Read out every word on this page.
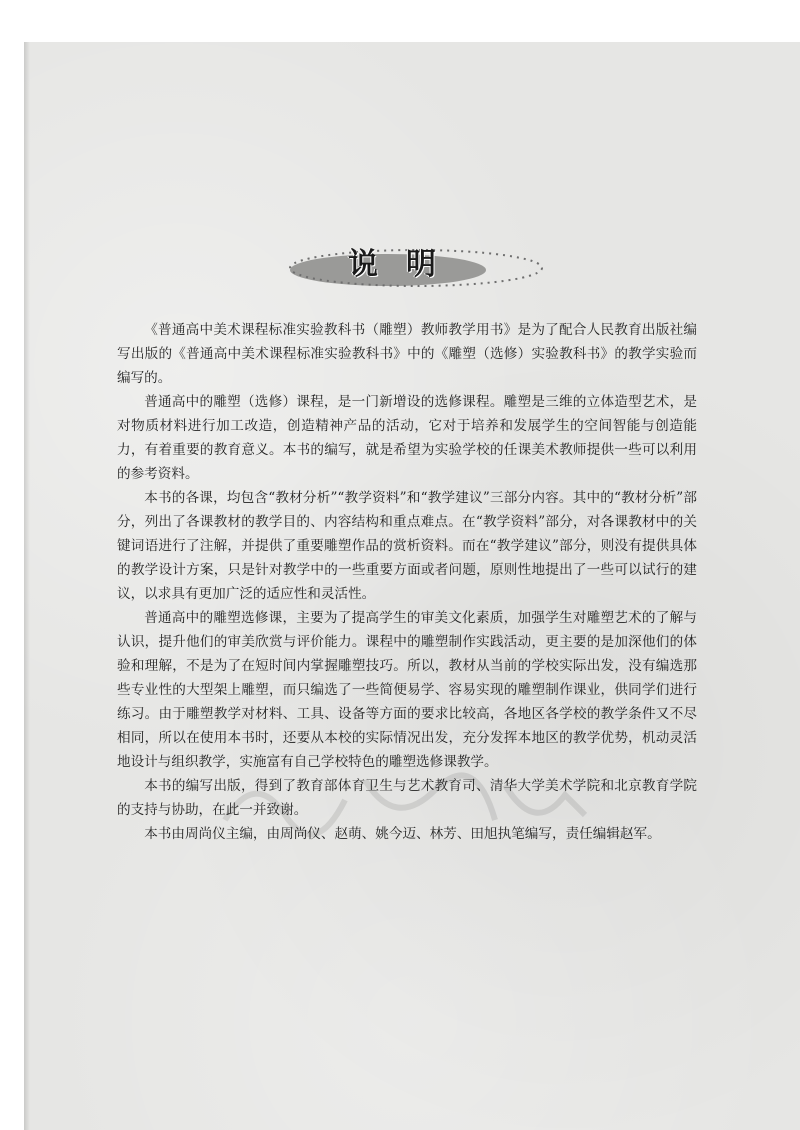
说明

《普通高中美术课程标准实验教科书（雕塑）教师教学用书》是为了配合人民教育出版社编写出版的《普通高中美术课程标准实验教科书》中的《雕塑（选修）实验教科书》的教学实验而编写的。

普通高中的雕塑（选修）课程，是一门新增设的选修课程。雕塑是三维的立体造型艺术，是对物质材料进行加工改造，创造精神产品的活动，它对于培养和发展学生的空间智能与创造能力，有着重要的教育意义。本书的编写，就是希望为实验学校的任课美术教师提供一些可以利用的参考资料。

本书的各课，均包含“教材分析”“教学资料”和“教学建议”三部分内容。其中的“教材分析”部分，列出了各课教材的教学目的、内容结构和重点难点。在“教学资料”部分，对各课教材中的关键词语进行了注解，并提供了重要雕塑作品的赏析资料。而在“教学建议”部分，则没有提供具体的教学设计方案，只是针对教学中的一些重要方面或者问题，原则性地提出了一些可以试行的建议，以求具有更加广泛的适应性和灵活性。

普通高中的雕塑选修课，主要为了提高学生的审美文化素质，加强学生对雕塑艺术的了解与认识，提升他们的审美欣赏与评价能力。课程中的雕塑制作实践活动，更主要的是加深他们的体验和理解，不是为了在短时间内掌握雕塑技巧。所以，教材从当前的学校实际出发，没有编选那些专业性的大型架上雕塑，而只编选了一些简便易学、容易实现的雕塑制作课业，供同学们进行练习。由于雕塑教学对材料、工具、设备等方面的要求比较高，各地区各学校的教学条件又不尽相同，所以在使用本书时，还要从本校的实际情况出发，充分发挥本地区的教学优势，机动灵活地设计与组织教学，实施富有自己学校特色的雕塑选修课教学。

本书的编写出版，得到了教育部体育卫生与艺术教育司、清华大学美术学院和北京教育学院的支持与协助，在此一并致谢。

本书由周尚仪主编，由周尚仪、赵萌、姚今迈、林芳、田旭执笔编写，责任编辑赵军。
